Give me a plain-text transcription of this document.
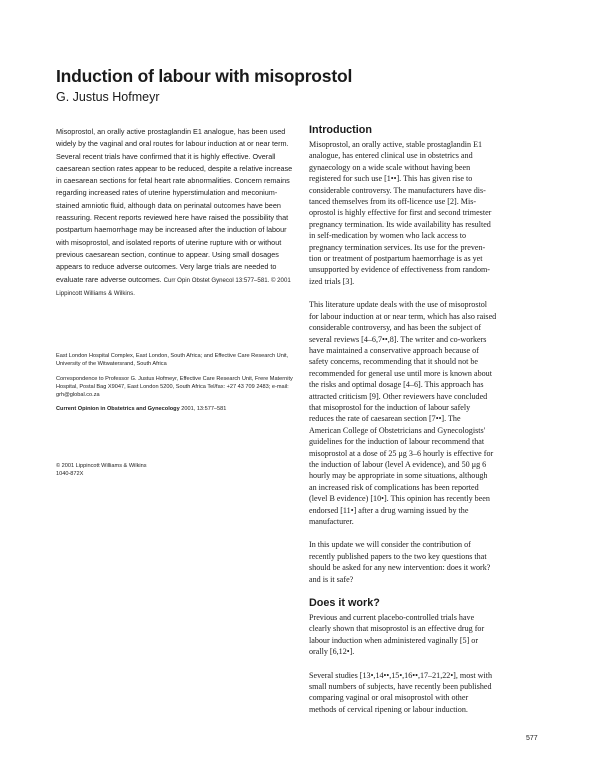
Induction of labour with misoprostol

G. Justus Hofmeyr

Misoprostol, an orally active prostaglandin E1 analogue, has been used widely by the vaginal and oral routes for labour induction at or near term. Several recent trials have confirmed that it is highly effective. Overall caesarean section rates appear to be reduced, despite a relative increase in caesarean sections for fetal heart rate abnormalities. Concern remains regarding increased rates of uterine hyperstimulation and meconium-stained amniotic fluid, although data on perinatal outcomes have been reassuring. Recent reports reviewed here have raised the possibility that postpartum haemorrhage may be increased after the induction of labour with misoprostol, and isolated reports of uterine rupture with or without previous caesarean section, continue to appear. Using small dosages appears to reduce adverse outcomes. Very large trials are needed to evaluate rare adverse outcomes. Curr Opin Obstet Gynecol 13:577–581. © 2001 Lippincott Williams & Wilkins.

East London Hospital Complex, East London, South Africa; and Effective Care Research Unit, University of the Witwatersrand, South Africa

Correspondence to Professor G. Justus Hofmeyr, Effective Care Research Unit, Frere Maternity Hospital, Postal Bag X9047, East London 5200, South Africa Tel/fax: +27 43 709 2483; e-mail: grh@global.co.za

Current Opinion in Obstetrics and Gynecology 2001, 13:577–581

© 2001 Lippincott Williams & Wilkins

1040-872X

Introduction

Misoprostol, an orally active, stable prostaglandin E1
analogue, has entered clinical use in obstetrics and
gynaecology on a wide scale without having been
registered for such use [1••]. This has given rise to
considerable controversy. The manufacturers have dis-
tanced themselves from its off-licence use [2]. Mis-
oprostol is highly effective for first and second trimester
pregnancy termination. Its wide availability has resulted
in self-medication by women who lack access to
pregnancy termination services. Its use for the preven-
tion or treatment of postpartum haemorrhage is as yet
unsupported by evidence of effectiveness from random-
ized trials [3].

This literature update deals with the use of misoprostol
for labour induction at or near term, which has also raised
considerable controversy, and has been the subject of
several reviews [4–6,7••,8]. The writer and co-workers
have maintained a conservative approach because of
safety concerns, recommending that it should not be
recommended for general use until more is known about
the risks and optimal dosage [4–6]. This approach has
attracted criticism [9]. Other reviewers have concluded
that misoprostol for the induction of labour safely
reduces the rate of caesarean section [7••]. The
American College of Obstetricians and Gynecologists'
guidelines for the induction of labour recommend that
misoprostol at a dose of 25 μg 3–6 hourly is effective for
the induction of labour (level A evidence), and 50 μg 6
hourly may be appropriate in some situations, although
an increased risk of complications has been reported
(level B evidence) [10•]. This opinion has recently been
endorsed [11•] after a drug warning issued by the
manufacturer.

In this update we will consider the contribution of
recently published papers to the two key questions that
should be asked for any new intervention: does it work?
and is it safe?

Does it work?

Previous and current placebo-controlled trials have
clearly shown that misoprostol is an effective drug for
labour induction when administered vaginally [5] or
orally [6,12•].

Several studies [13•,14••,15•,16••,17–21,22•], most with
small numbers of subjects, have recently been published
comparing vaginal or oral misoprostol with other
methods of cervical ripening or labour induction.

577
